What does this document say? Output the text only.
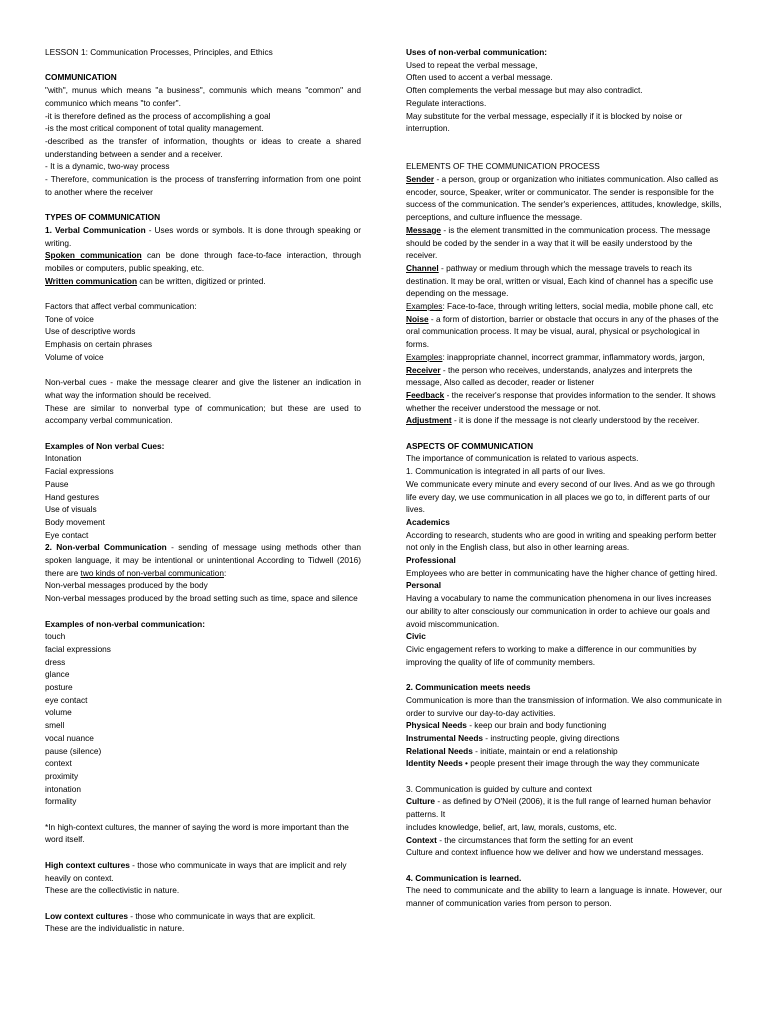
LESSON 1: Communication Processes, Principles, and Ethics

COMMUNICATION

"with", munus which means "a business", communis which means "common" and communico which means "to confer".

-it is therefore defined as the process of accomplishing a goal

-is the most critical component of total quality management.

-described as the transfer of information, thoughts or ideas to create a shared understanding between a sender and a receiver.

- It is a dynamic, two-way process

- Therefore, communication is the process of transferring information from one point to another where the receiver

TYPES OF COMMUNICATION

1. Verbal Communication - Uses words or symbols. It is done through speaking or writing.

Spoken communication can be done through face-to-face interaction, through mobiles or computers, public speaking, etc.

Written communication can be written, digitized or printed.

Factors that affect verbal communication:

Tone of voice

Use of descriptive words

Emphasis on certain phrases

Volume of voice

Non-verbal cues - make the message clearer and give the listener an indication in what way the information should be received.

These are similar to nonverbal type of communication; but these are used to accompany verbal communication.

Examples of Non verbal Cues:

Intonation

Facial expressions

Pause

Hand gestures

Use of visuals

Body movement

Eye contact

2. Non-verbal Communication - sending of message using methods other than spoken language, it may be intentional or unintentional According to Tidwell (2016) there are two kinds of non-verbal communication:

Non-verbal messages produced by the body

Non-verbal messages produced by the broad setting such as time, space and silence

Examples of non-verbal communication:

touch

facial expressions

dress

glance

posture

eye contact

volume

smell

vocal nuance

pause (silence)

context

proximity

intonation

formality

*In high-context cultures, the manner of saying the word is more important than the word itself.

High context cultures - those who communicate in ways that are implicit and rely heavily on context.

These are the collectivistic in nature.

Low context cultures - those who communicate in ways that are explicit.

These are the individualistic in nature.

Uses of non-verbal communication:

Used to repeat the verbal message,

Often used to accent a verbal message.

Often complements the verbal message but may also contradict.

Regulate interactions.

May substitute for the verbal message, especially if it is blocked by noise or interruption.

ELEMENTS OF THE COMMUNICATION PROCESS

Sender - a person, group or organization who initiates communication. Also called as encoder, source, Speaker, writer or communicator. The sender is responsible for the success of the communication. The sender's experiences, attitudes, knowledge, skills, perceptions, and culture influence the message.

Message - is the element transmitted in the communication process. The message should be coded by the sender in a way that it will be easily understood by the receiver.

Channel - pathway or medium through which the message travels to reach its destination. It may be oral, written or visual, Each kind of channel has a specific use depending on the message.

Examples: Face-to-face, through writing letters, social media, mobile phone call, etc

Noise - a form of distortion, barrier or obstacle that occurs in any of the phases of the oral communication process. It may be visual, aural, physical or psychological in forms.

Examples: inappropriate channel, incorrect grammar, inflammatory words, jargon,

Receiver - the person who receives, understands, analyzes and interprets the message, Also called as decoder, reader or listener

Feedback - the receiver's response that provides information to the sender. It shows whether the receiver understood the message or not.

Adjustment - it is done if the message is not clearly understood by the receiver.

ASPECTS OF COMMUNICATION

The importance of communication is related to various aspects.

1. Communication is integrated in all parts of our lives.

We communicate every minute and every second of our lives. And as we go through life every day, we use communication in all places we go to, in different parts of our lives.

Academics

According to research, students who are good in writing and speaking perform better not only in the English class, but also in other learning areas.

Professional

Employees who are better in communicating have the higher chance of getting hired.

Personal

Having a vocabulary to name the communication phenomena in our lives increases our ability to alter consciously our communication in order to achieve our goals and avoid miscommunication.

Civic

Civic engagement refers to working to make a difference in our communities by improving the quality of life of community members.

2. Communication meets needs

Communication is more than the transmission of information. We also communicate in order to survive our day-to-day activities.

Physical Needs - keep our brain and body functioning

Instrumental Needs - instructing people, giving directions

Relational Needs - initiate, maintain or end a relationship

Identity Needs • people present their image through the way they communicate

3. Communication is guided by culture and context

Culture - as defined by O'Neil (2006), it is the full range of learned human behavior patterns. It

includes knowledge, belief, art, law, morals, customs, etc.

Context - the circumstances that form the setting for an event

Culture and context influence how we deliver and how we understand messages.

4. Communication is learned.

The need to communicate and the ability to learn a language is innate. However, our manner of communication varies from person to person.
